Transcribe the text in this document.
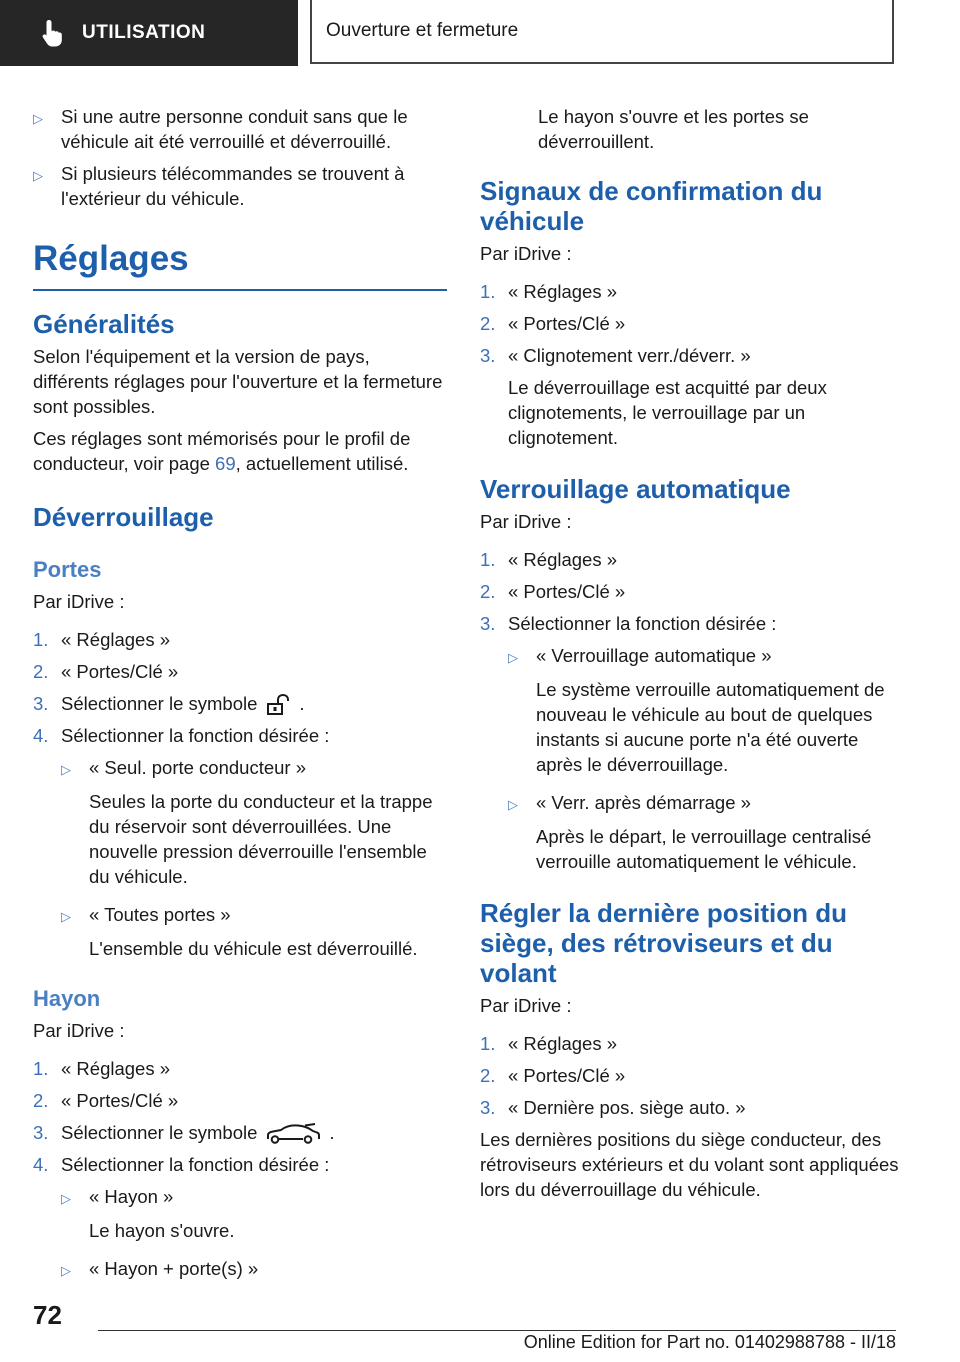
UTILISATION	Ouverture et fermeture
▷ Si une autre personne conduit sans que le véhicule ait été verrouillé et déverrouillé.
▷ Si plusieurs télécommandes se trouvent à l'extérieur du véhicule.
Réglages
Généralités

Selon l'équipement et la version de pays, différents réglages pour l'ouverture et la fermeture sont possibles.

Ces réglages sont mémorisés pour le profil de conducteur, voir page 69, actuellement utilisé.

Déverrouillage
Portes

Par iDrive :

1. « Réglages »
2. « Portes/Clé »
3. Sélectionner le symbole .
4. Sélectionner la fonction désirée :
▷ « Seul. porte conducteur »

Seules la porte du conducteur et la trappe du réservoir sont déverrouillées. Une nouvelle pression déverrouille l'ensemble du véhicule.

▷ « Toutes portes »

L'ensemble du véhicule est déverrouillé.

Hayon

Par iDrive :

1. « Réglages »
2. « Portes/Clé »
3. Sélectionner le symbole	.
4. Sélectionner la fonction désirée :
▷ « Hayon »

Le hayon s'ouvre.

▷ « Hayon + porte(s) »

Le hayon s'ouvre et les portes se déverrouillent.

Signaux de confirmation du véhicule

Par iDrive :

1. « Réglages »
2. « Portes/Clé »
3. « Clignotement verr./déverr. »

Le déverrouillage est acquitté par deux clignotements, le verrouillage par un clignotement.

Verrouillage automatique

Par iDrive :

1. « Réglages »
2. « Portes/Clé »
3. Sélectionner la fonction désirée :
▷ « Verrouillage automatique »

Le système verrouille automatiquement de nouveau le véhicule au bout de quelques instants si aucune porte n'a été ouverte après le déverrouillage.

▷ « Verr. après démarrage »

Après le départ, le verrouillage centralisé verrouille automatiquement le véhicule.

Régler la dernière position du siège, des rétroviseurs et du volant

Par iDrive :

1. « Réglages »
2. « Portes/Clé »
3. « Dernière pos. siège auto. »

Les dernières positions du siège conducteur, des rétroviseurs extérieurs et du volant sont appliquées lors du déverrouillage du véhicule.

72
Online Edition for Part no. 01402988788 - II/18
